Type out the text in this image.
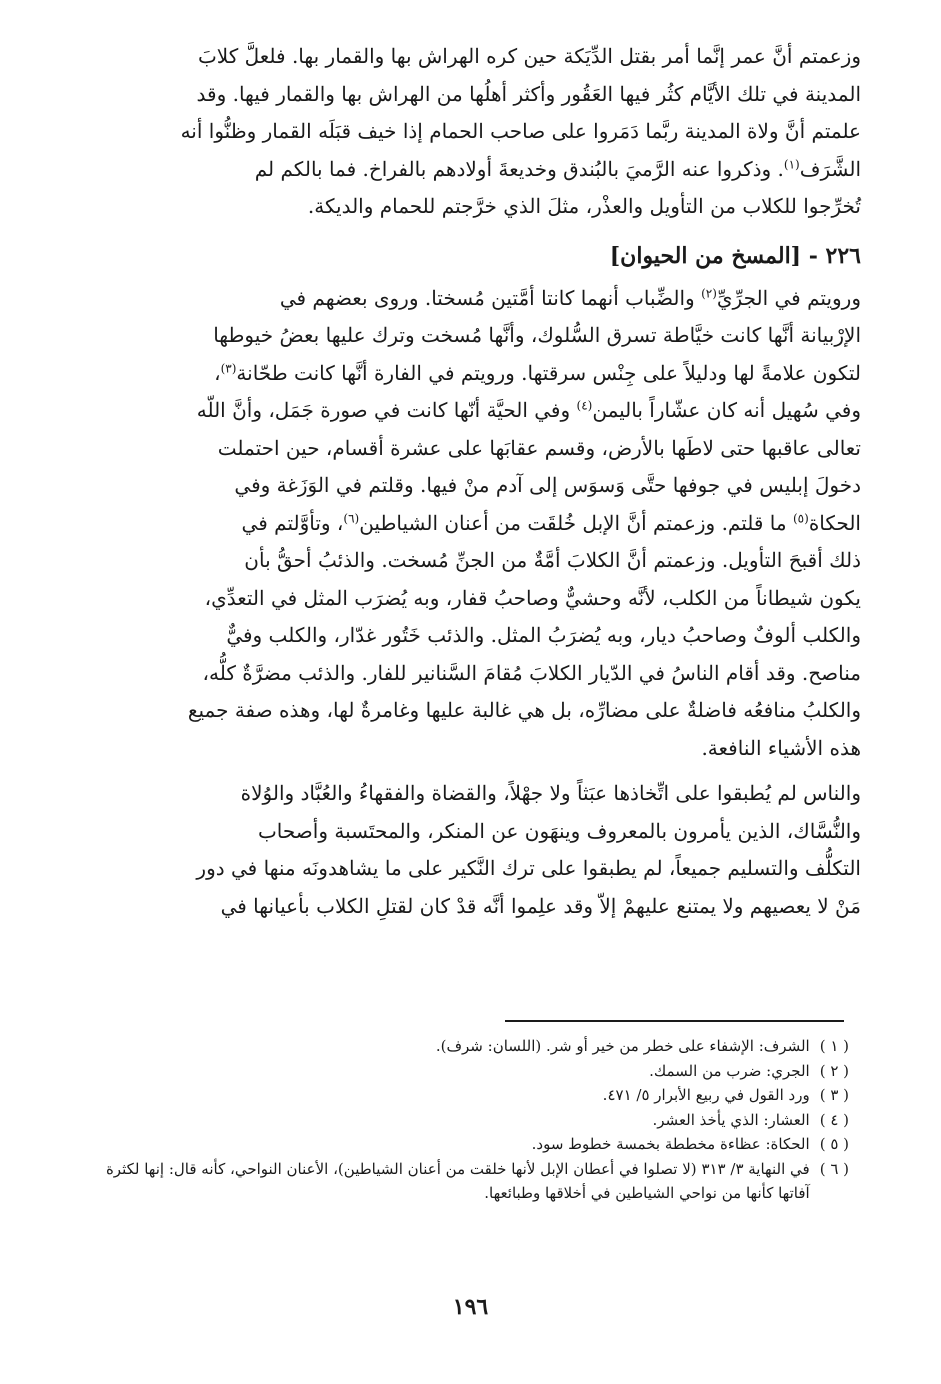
وزعمتم أنَّ عمر إنَّما أمر بقتل الدِّيَكة حين كره الهراش بها والقمار بها. فلعلَّ كلابَ

المدينة في تلك الأيَّام كثُر فيها العَقُور وأكثر أهلُها من الهراش بها والقمار فيها. وقد

علمتم أنَّ ولاة المدينة ربَّما دَمَروا على صاحب الحمام إذا خيف قبَلَه القمار وظنُّوا أنه

الشَّرَف$^{(١)}$. وذكروا عنه الرَّميَ بالبُندق وخديعةَ أولادهم بالفراخ. فما بالكم لم

تُخرِّجوا للكلاب من التأويل والعذْر، مثلَ الذي خرَّجتم للحمام والديكة.

٢٢٦ - [المسخ من الحيوان]

ورويتم في الجرِّيِّ$^{(٢)}$ والضِّباب أنهما كانتا أمَّتين مُسختا. وروى بعضهم في

الإرْبيانة أنَّها كانت خيَّاطة تسرق السُّلوك، وأنَّها مُسخت وترك عليها بعضُ خيوطها

لتكون علامةً لها ودليلاً على جِنْس سرقتها. ورويتم في الفارة أنَّها كانت طحّانة$^{(٣)}$،

وفي سُهيل أنه كان عشّاراً باليمن$^{(٤)}$ وفي الحيَّة أنّها كانت في صورة جَمَل، وأنَّ اللّه

تعالى عاقبها حتى لاطَها بالأرض، وقسم عقابَها على عشرة أقسام، حين احتملت

دخولَ إبليس في جوفها حتَّى وَسوَس إلى آدم منْ فيها. وقلتم في الوَزَغة وفي

الحكاة$^{(٥)}$ ما قلتم. وزعمتم أنَّ الإبل خُلقَت من أعنان الشياطين$^{(٦)}$، وتأوَّلتم في

ذلك أقبحَ التأويل. وزعمتم أنَّ الكلابَ أمَّةٌ من الجنِّ مُسخت. والذئبُ أحقُّ بأن

يكون شيطاناً من الكلب، لأنَّه وحشيٌّ وصاحبُ قفار، وبه يُضرَب المثل في التعدِّي،

والكلب ألوفٌ وصاحبُ ديار، وبه يُضرَبُ المثل. والذئب خَتُور غدّار، والكلب وفيٌّ

مناصح. وقد أقام الناسُ في الدّيار الكلابَ مُقامَ السَّنانير للفار. والذئب مضرَّةٌ كلُّه،

والكلبُ منافعُه فاضلةٌ على مضارِّه، بل هي غالبة عليها وغامرةٌ لها، وهذه صفة جميع

هذه الأشياء النافعة.

والناس لم يُطبقوا على اتِّخاذها عبَثاً ولا جهْلاً، والقضاة والفقهاءُ والعُبَّاد والوُلاة

والنُّسَّاك، الذين يأمرون بالمعروف وينهَون عن المنكر، والمحتَسبة وأصحاب

التكلُّف والتسليم جميعاً، لم يطبقوا على ترك النَّكير على ما يشاهدونَه منها في دور

مَنْ لا يعصيهم ولا يمتنع عليهمْ إلاّ وقد علِموا أنَّه قدْ كان لقتلِ الكلاب بأعيانها في

( ١ )
الشرف: الإشفاء على خطر من خير أو شر. (اللسان: شرف).
( ٢ )
الجري: ضرب من السمك.
( ٣ )
ورد القول في ربيع الأبرار ٥/ ٤٧١.
( ٤ )
العشار: الذي يأخذ العشر.
( ٥ )
الحكاة: عظاءة مخططة بخمسة خطوط سود.
( ٦ )
في النهاية ٣/ ٣١٣ (لا تصلوا في أعطان الإبل لأنها خلقت من أعنان الشياطين)، الأعنان النواحي، كأنه قال: إنها لكثرة آفاتها كأنها من نواحي الشياطين في أخلاقها وطبائعها.
١٩٦
